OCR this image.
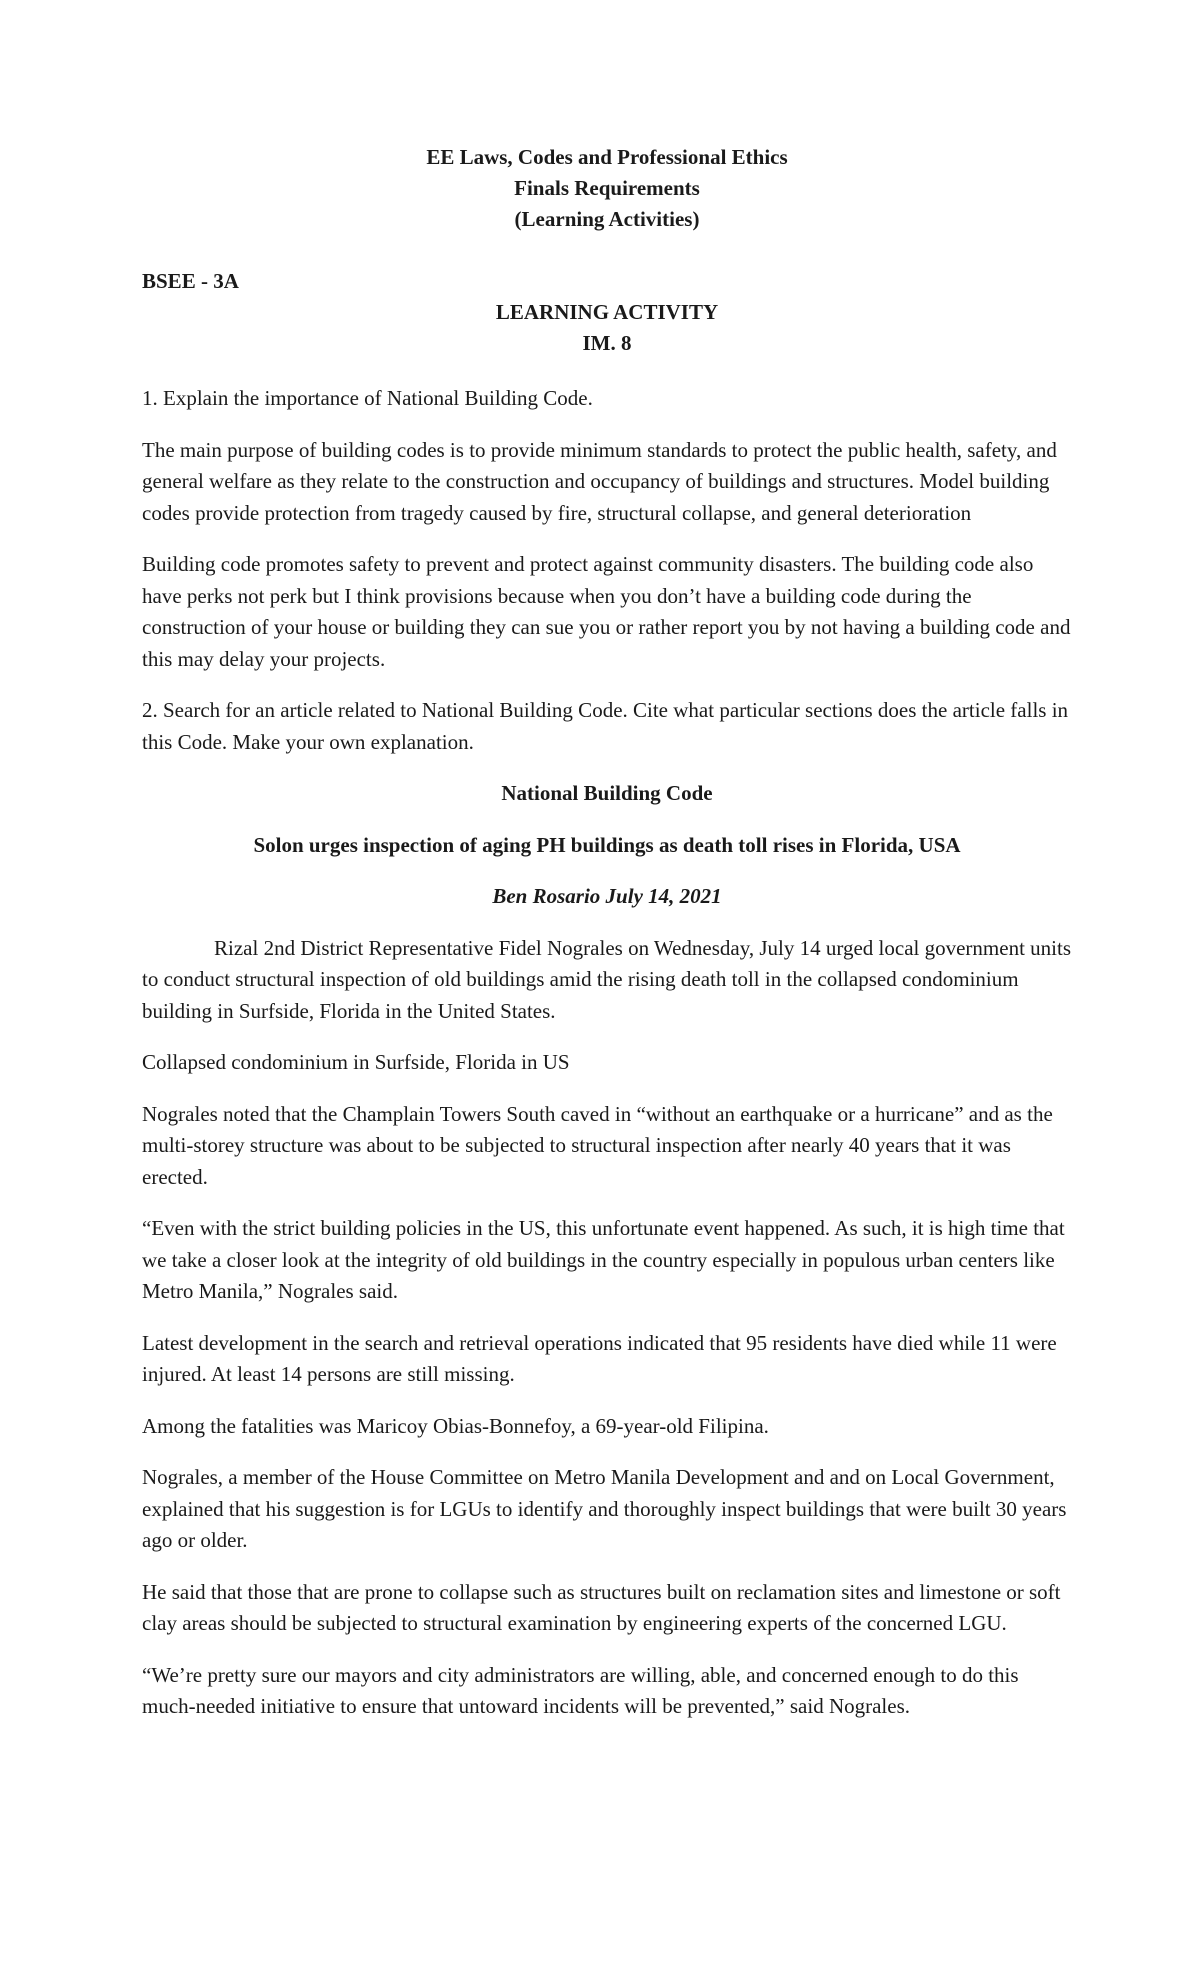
EE Laws, Codes and Professional Ethics
Finals Requirements
(Learning Activities)
BSEE - 3A
LEARNING ACTIVITY
IM. 8

1. Explain the importance of National Building Code.

The main purpose of building codes is to provide minimum standards to protect the public health, safety, and general welfare as they relate to the construction and occupancy of buildings and structures. Model building codes provide protection from tragedy caused by fire, structural collapse, and general deterioration

Building code promotes safety to prevent and protect against community disasters. The building code also have perks not perk but I think provisions because when you don’t have a building code during the construction of your house or building they can sue you or rather report you by not having a building code and this may delay your projects.

2. Search for an article related to National Building Code. Cite what particular sections does the article falls in this Code. Make your own explanation.

National Building Code

Solon urges inspection of aging PH buildings as death toll rises in Florida, USA

Ben Rosario July 14, 2021

Rizal 2nd District Representative Fidel Nograles on Wednesday, July 14 urged local government units to conduct structural inspection of old buildings amid the rising death toll in the collapsed condominium building in Surfside, Florida in the United States.

Collapsed condominium in Surfside, Florida in US

Nograles noted that the Champlain Towers South caved in “without an earthquake or a hurricane” and as the multi-storey structure was about to be subjected to structural inspection after nearly 40 years that it was erected.

“Even with the strict building policies in the US, this unfortunate event happened. As such, it is high time that we take a closer look at the integrity of old buildings in the country especially in populous urban centers like Metro Manila,” Nograles said.

Latest development in the search and retrieval operations indicated that 95 residents have died while 11 were injured. At least 14 persons are still missing.

Among the fatalities was Maricoy Obias-Bonnefoy, a 69-year-old Filipina.

Nograles, a member of the House Committee on Metro Manila Development and and on Local Government, explained that his suggestion is for LGUs to identify and thoroughly inspect buildings that were built 30 years ago or older.

He said that those that are prone to collapse such as structures built on reclamation sites and limestone or soft clay areas should be subjected to structural examination by engineering experts of the concerned LGU.

“We’re pretty sure our mayors and city administrators are willing, able, and concerned enough to do this much-needed initiative to ensure that untoward incidents will be prevented,” said Nograles.
